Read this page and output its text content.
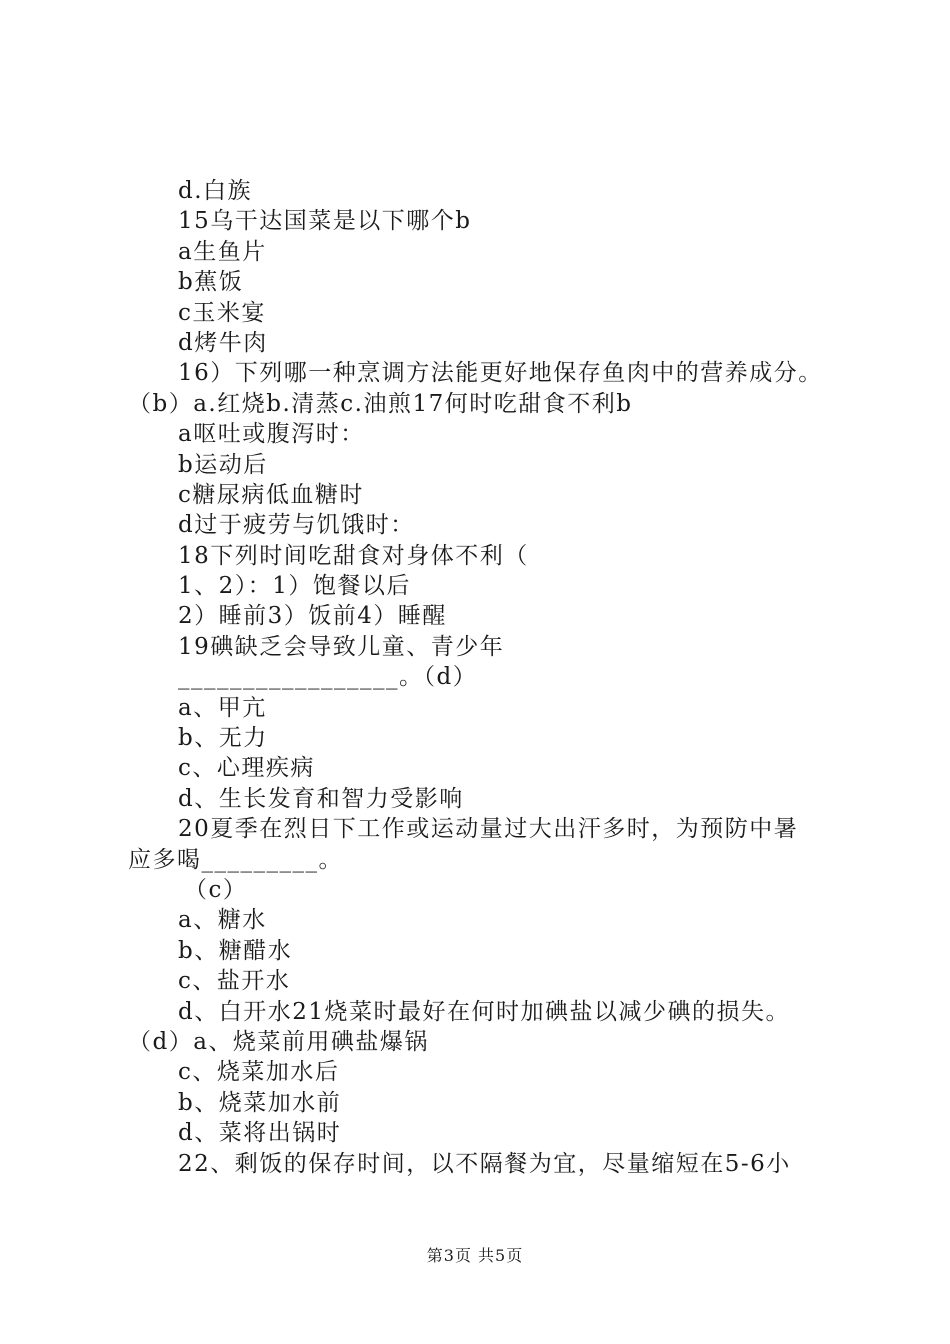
d.白族
15乌干达国菜是以下哪个b
a生鱼片
b蕉饭
c玉米宴
d烤牛肉
16）下列哪一种烹调方法能更好地保存鱼肉中的营养成分。
（b）a.红烧b.清蒸c.油煎17何时吃甜食不利b
a呕吐或腹泻时：
b运动后
c糖尿病低血糖时
d过于疲劳与饥饿时：
18下列时间吃甜食对身体不利（
1、2）：1）饱餐以后
2）睡前3）饭前4）睡醒
19碘缺乏会导致儿童、青少年
_________________。（d）
a、甲亢
b、无力
c、心理疾病
d、生长发育和智力受影响
20夏季在烈日下工作或运动量过大出汗多时，为预防中暑
应多喝_________。
（c）
a、糖水
b、糖醋水
c、盐开水
d、白开水21烧菜时最好在何时加碘盐以减少碘的损失。
（d）a、烧菜前用碘盐爆锅
c、烧菜加水后
b、烧菜加水前
d、菜将出锅时
22、剩饭的保存时间，以不隔餐为宜，尽量缩短在5-6小
第3页 共5页
